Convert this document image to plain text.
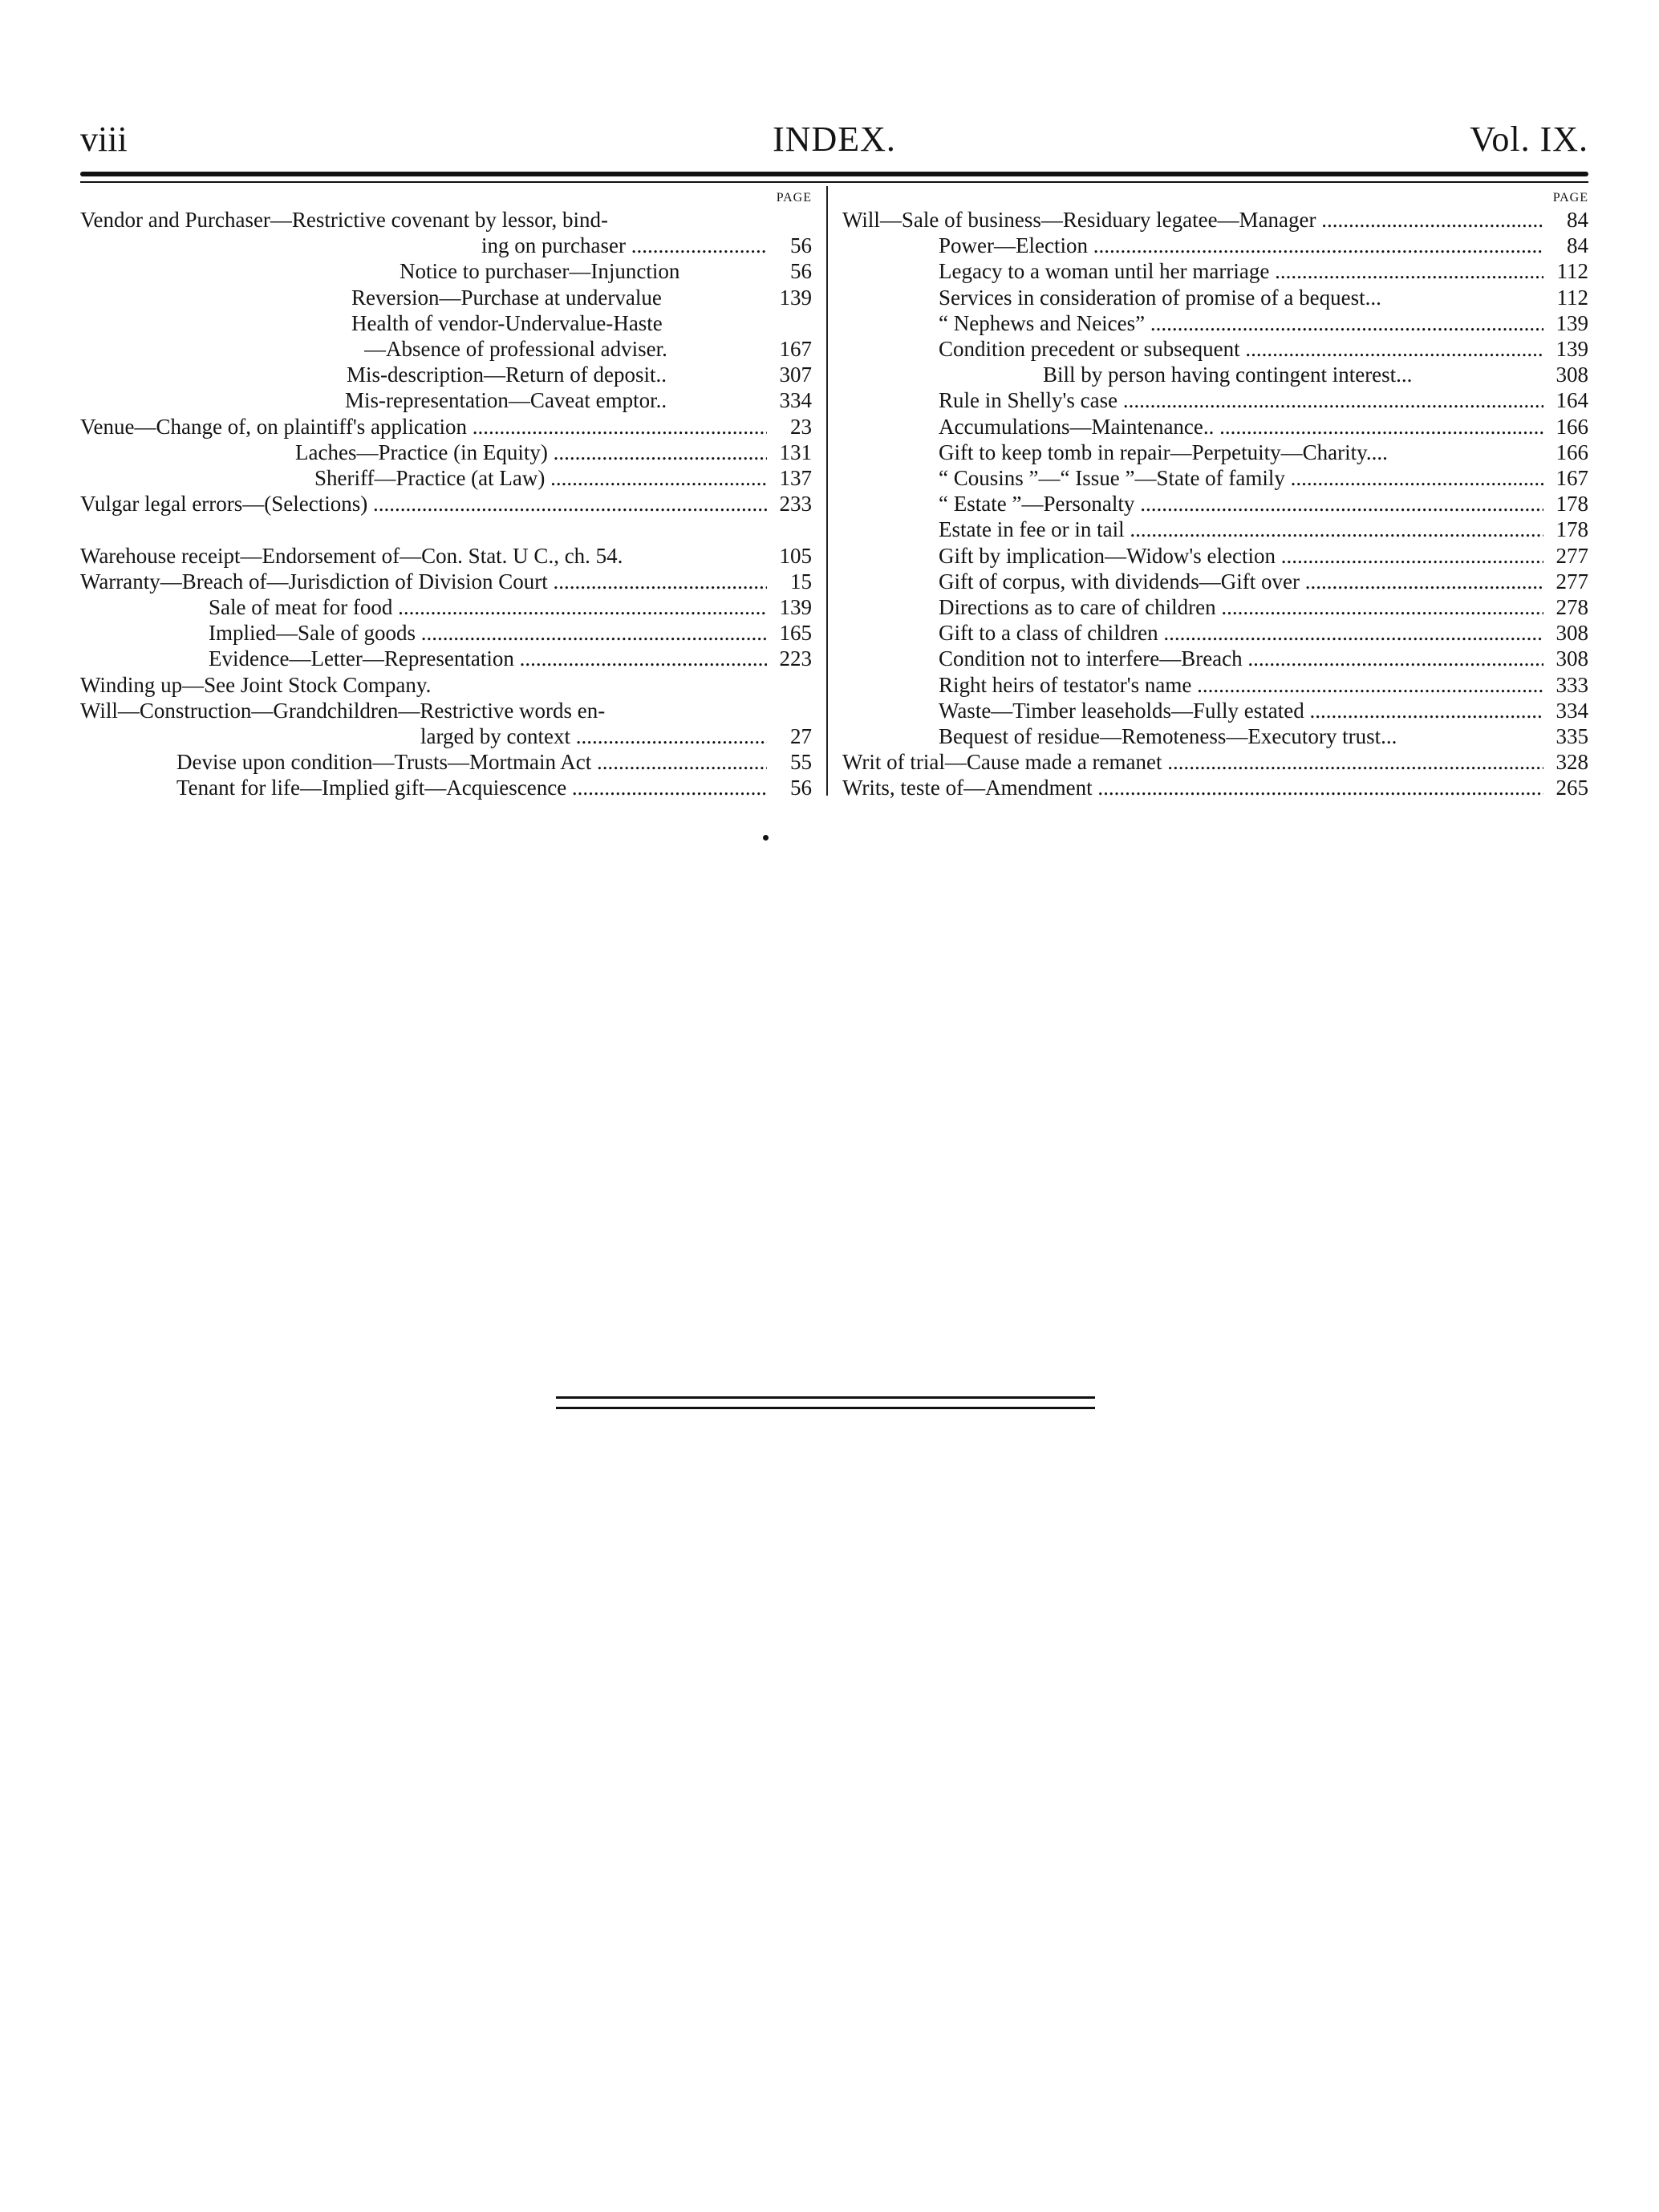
viii	INDEX.	Vol. IX.
PAGE
Vendor and Purchaser—Restrictive covenant by lessor, bind-
ing on purchaser .....	56
Notice to purchaser—Injunction	56
Reversion—Purchase at undervalue	139
Health of vendor-Undervalue-Haste
—Absence of professional adviser.	167
Mis-description—Return of deposit..	307
Mis-representation—Caveat emptor..	334
Venue—Change of, on plaintiff's application .....	23
Laches—Practice (in Equity) .....	131
Sheriff—Practice (at Law) .....	137
Vulgar legal errors—(Selections) .....	233
Warehouse receipt—Endorsement of—Con. Stat. U C., ch. 54.	105
Warranty—Breach of—Jurisdiction of Division Court .....	15
Sale of meat for food .....	139
Implied—Sale of goods .....	165
Evidence—Letter—Representation .....	223
Winding up—See Joint Stock Company.
Will—Construction—Grandchildren—Restrictive words en-
larged by context .....	27
Devise upon condition—Trusts—Mortmain Act .....	55
Tenant for life—Implied gift—Acquiescence .....	56
PAGE
Will—Sale of business—Residuary legatee—Manager .....	84
Power—Election .....	84
Legacy to a woman until her marriage .....	112
Services in consideration of promise of a bequest...	112
“ Nephews and Neices” .....	139
Condition precedent or subsequent .....	139
Bill by person having contingent interest...	308
Rule in Shelly's case .....	164
Accumulations—Maintenance.. .....	166
Gift to keep tomb in repair—Perpetuity—Charity....	166
“ Cousins ”—“ Issue ”—State of family .....	167
“ Estate ”—Personalty .....	178
Estate in fee or in tail .....	178
Gift by implication—Widow's election .....	277
Gift of corpus, with dividends—Gift over .....	277
Directions as to care of children .....	278
Gift to a class of children .....	308
Condition not to interfere—Breach .....	308
Right heirs of testator's name .....	333
Waste—Timber leaseholds—Fully estated .....	334
Bequest of residue—Remoteness—Executory trust...	335
Writ of trial—Cause made a remanet .....	328
Writs, teste of—Amendment .....	265
